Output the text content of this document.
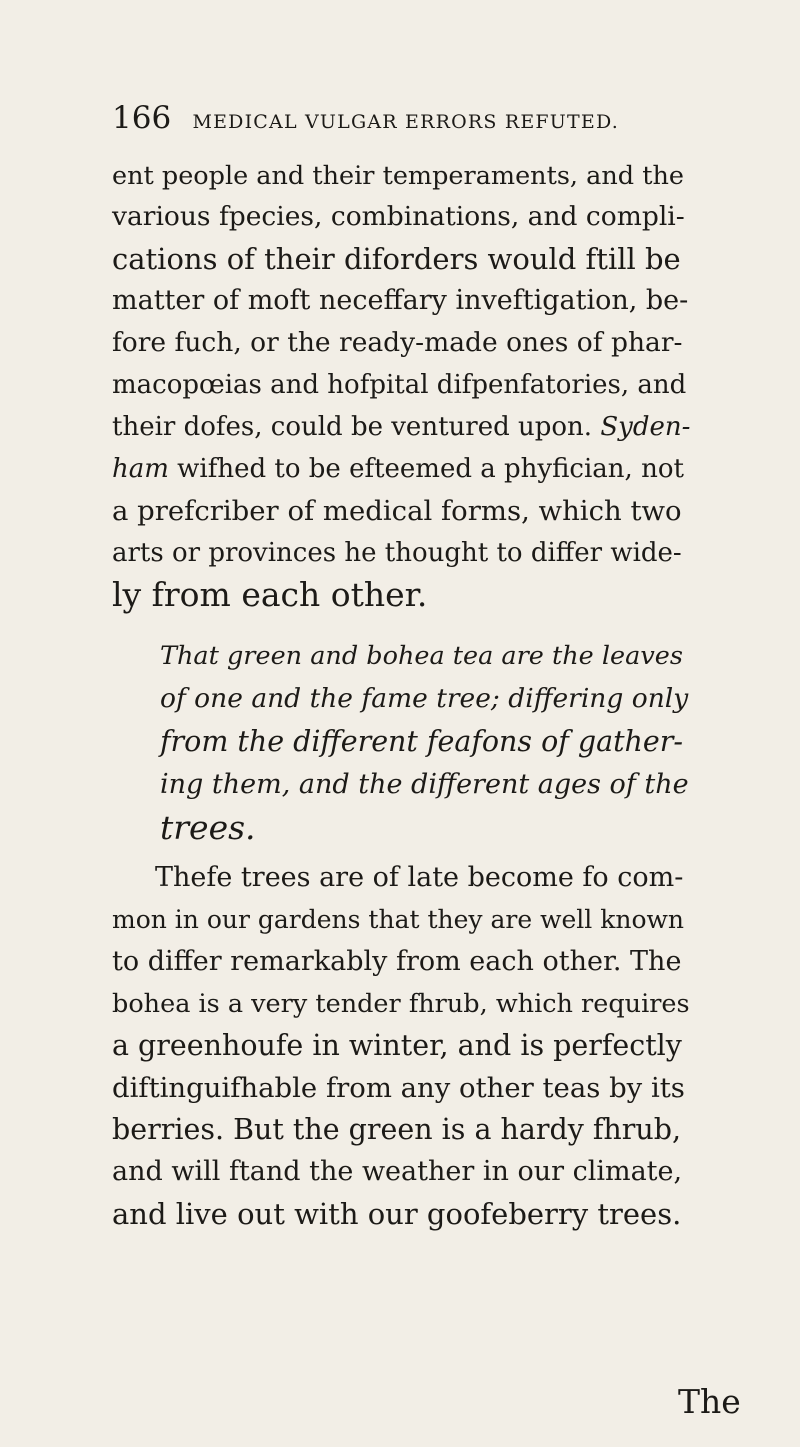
166 MEDICAL VULGAR ERRORS REFUTED.
ent people and their temperaments, and the
various fpecies, combinations, and compli-
cations of their diforders would ftill be
matter of moft neceffary inveftigation, be-
fore fuch, or the ready-made ones of phar-
macopœias and hofpital difpenfatories, and
their dofes, could be ventured upon. Syden-
ham wifhed to be efteemed a phyfician, not
a prefcriber of medical forms, which two
arts or provinces he thought to differ wide-
ly from each other.
That green and bohea tea are the leaves
of one and the fame tree; differing only
from the different feafons of gather-
ing them, and the different ages of the
trees.
Thefe trees are of late become fo com-
mon in our gardens that they are well known
to differ remarkably from each other. The
bohea is a very tender fhrub, which requires
a greenhoufe in winter, and is perfectly
diftinguifhable from any other teas by its
berries. But the green is a hardy fhrub,
and will ftand the weather in our climate,
and live out with our goofeberry trees.
The
